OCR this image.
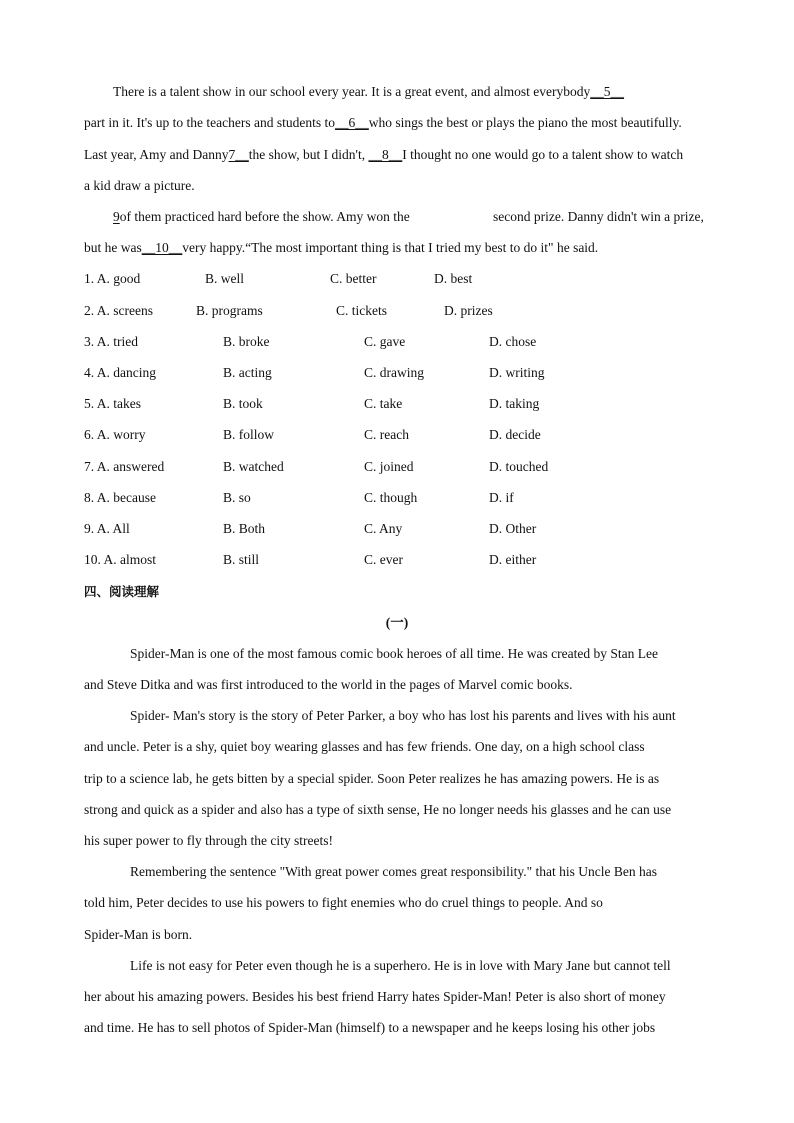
There is a talent show in our school every year. It is a great event, and almost everybody__5__
part in it. It's up to the teachers and students to__6__who sings the best or plays the piano the most beautifully.
Last year, Amy and Danny7__the show, but I didn't, __8__I thought no one would go to a talent show to watch
a kid draw a picture.
9of them practiced hard before the show. Amy won the	second prize. Danny didn't win a prize,
but he was__10__very happy.“The most important thing is that I tried my best to do it" he said.
1. A. good	B. well	C. better	D. best
2. A. screens	B. programs	C. tickets	D. prizes
3. A. tried	B. broke	C. gave	D. chose
4. A. dancing	B. acting	C. drawing	D. writing
5. A. takes	B. took	C. take	D. taking
6. A. worry	B. follow	C. reach	D. decide
7. A. answered	B. watched	C. joined	D. touched
8. A. because	B. so	C. though	D. if
9. A. All	B. Both	C. Any	D. Other
10. A. almost	B. still	C. ever	D. either
四、阅读理解
(一)
Spider-Man is one of the most famous comic book heroes of all time. He was created by Stan Lee
and Steve Ditka and was first introduced to the world in the pages of Marvel comic books.
Spider- Man's story is the story of Peter Parker, a boy who has lost his parents and lives with his aunt
and uncle. Peter is a shy, quiet boy wearing glasses and has few friends. One day, on a high school class
trip to a science lab, he gets bitten by a special spider. Soon Peter realizes he has amazing powers. He is as
strong and quick as a spider and also has a type of sixth sense, He no longer needs his glasses and he can use
his super power to fly through the city streets!
Remembering the sentence "With great power comes great responsibility." that his Uncle Ben has
told him, Peter decides to use his powers to fight enemies who do cruel things to people. And so
Spider-Man is born.
Life is not easy for Peter even though he is a superhero. He is in love with Mary Jane but cannot tell
her about his amazing powers. Besides his best friend Harry hates Spider-Man! Peter is also short of money
and time. He has to sell photos of Spider-Man (himself) to a newspaper and he keeps losing his other jobs
